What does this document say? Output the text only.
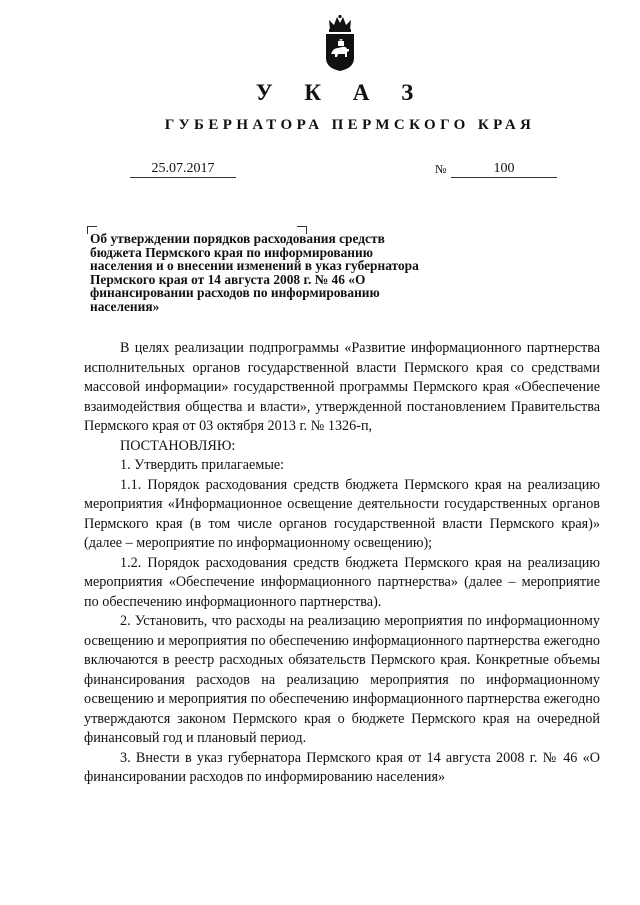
У К А З
ГУБЕРНАТОРА ПЕРМСКОГО КРАЯ
25.07.2017	№	100
Об утверждении порядков расходования средств бюджета Пермского края по информированию населения и о внесении изменений в указ губернатора Пермского края от 14 августа 2008 г. № 46 «О финансировании расходов по информированию населения»

В целях реализации подпрограммы «Развитие информационного партнерства исполнительных органов государственной власти Пермского края со средствами массовой информации» государственной программы Пермского края «Обеспечение взаимодействия общества и власти», утвержденной постановлением Правительства Пермского края от 03 октября 2013 г. № 1326-п,

ПОСТАНОВЛЯЮ:

1. Утвердить прилагаемые:

1.1. Порядок расходования средств бюджета Пермского края на реализацию мероприятия «Информационное освещение деятельности государственных органов Пермского края (в том числе органов государственной власти Пермского края)» (далее – мероприятие по информационному освещению);

1.2. Порядок расходования средств бюджета Пермского края на реализацию мероприятия «Обеспечение информационного партнерства» (далее – мероприятие по обеспечению информационного партнерства).

2. Установить, что расходы на реализацию мероприятия по информационному освещению и мероприятия по обеспечению информационного партнерства ежегодно включаются в реестр расходных обязательств Пермского края. Конкретные объемы финансирования расходов на реализацию мероприятия по информационному освещению и мероприятия по обеспечению информационного партнерства ежегодно утверждаются законом Пермского края о бюджете Пермского края на очередной финансовый год и плановый период.

3. Внести в указ губернатора Пермского края от 14 августа 2008 г. № 46 «О финансировании расходов по информированию населения»
